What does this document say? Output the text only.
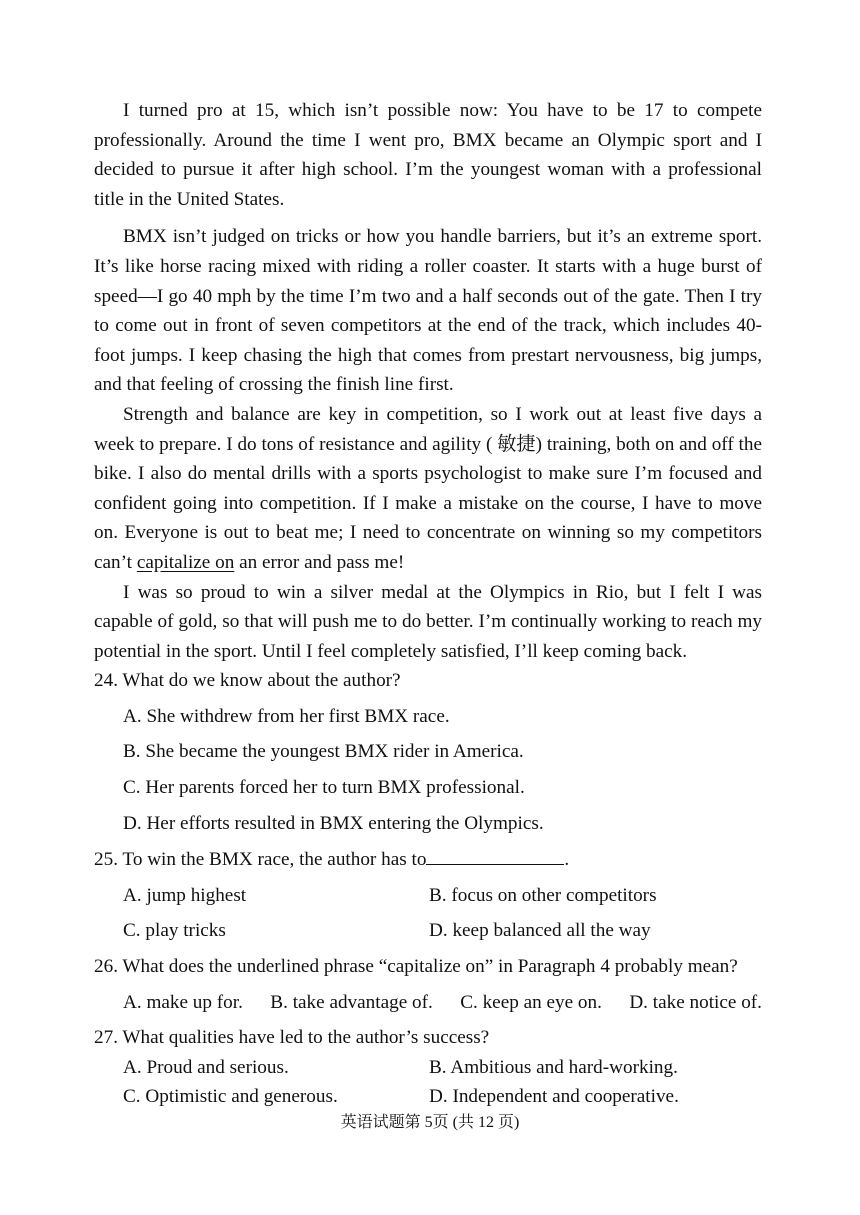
I turned pro at 15, which isn’t possible now: You have to be 17 to compete professionally. Around the time I went pro, BMX became an Olympic sport and I decided to pursue it after high school. I’m the youngest woman with a professional title in the United States.

BMX isn’t judged on tricks or how you handle barriers, but it’s an extreme sport. It’s like horse racing mixed with riding a roller coaster. It starts with a huge burst of speed—I go 40 mph by the time I’m two and a half seconds out of the gate. Then I try to come out in front of seven competitors at the end of the track, which includes 40-foot jumps. I keep chasing the high that comes from prestart nervousness, big jumps, and that feeling of crossing the finish line first.

Strength and balance are key in competition, so I work out at least five days a week to prepare. I do tons of resistance and agility ( 敏捷) training, both on and off the bike. I also do mental drills with a sports psychologist to make sure I’m focused and confident going into competition. If I make a mistake on the course, I have to move on. Everyone is out to beat me; I need to concentrate on winning so my competitors can’t capitalize on an error and pass me!

I was so proud to win a silver medal at the Olympics in Rio, but I felt I was capable of gold, so that will push me to do better. I’m continually working to reach my potential in the sport. Until I feel completely satisfied, I’ll keep coming back.

24. What do we know about the author?

A. She withdrew from her first BMX race.

B. She became the youngest BMX rider in America.

C. Her parents forced her to turn BMX professional.

D. Her efforts resulted in BMX entering the Olympics.

25. To win the BMX race, the author has to	.

A. jump highest	B. focus on other competitors
C. play tricks	D. keep balanced all the way

26. What does the underlined phrase “capitalize on” in Paragraph 4 probably mean?

A. make up for. B. take advantage of. C. keep an eye on. D. take notice of.

27. What qualities have led to the author’s success?

A. Proud and serious.	B. Ambitious and hard-working.
C. Optimistic and generous.	D. Independent and cooperative.
英语试题第 5页 (共 12 页)
